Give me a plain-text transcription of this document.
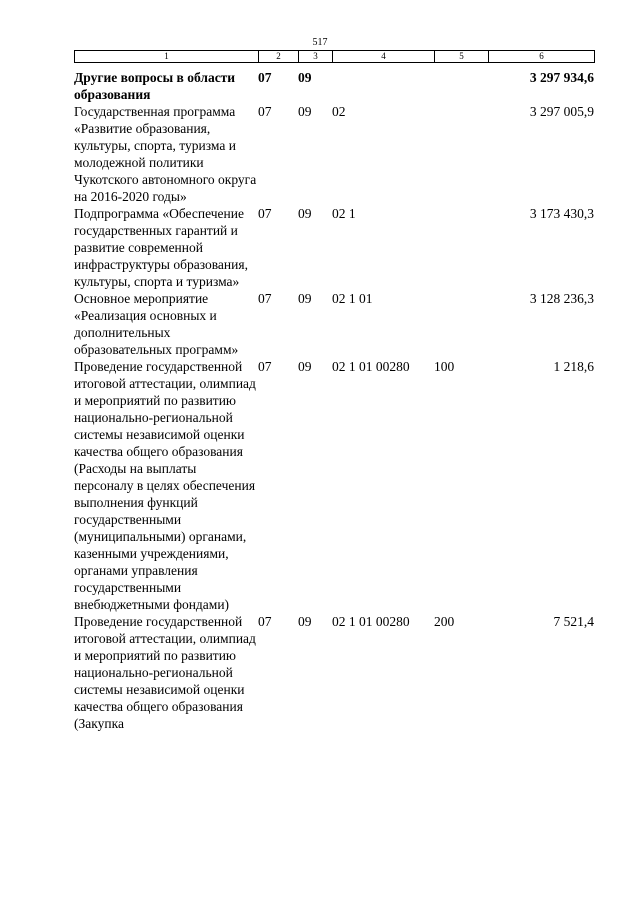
517
1	2	3	4	5	6
Другие вопросы в области образования	07	09			3 297 934,6
Государственная программа «Развитие образования, культуры, спорта, туризма и молодежной политики Чукотского автономного округа на 2016-2020 годы»	07	09	02		3 297 005,9
Подпрограмма «Обеспечение государственных гарантий и развитие современной инфраструктуры образования, культуры, спорта и туризма»	07	09	02 1		3 173 430,3
Основное мероприятие «Реализация основных и дополнительных образовательных программ»	07	09	02 1 01		3 128 236,3
Проведение государственной итоговой аттестации, олимпиад и мероприятий по развитию национально-региональной системы независимой оценки качества общего образования (Расходы на выплаты персоналу в целях обеспечения выполнения функций государственными (муниципальными) органами, казенными учреждениями, органами управления государственными внебюджетными фондами)	07	09	02 1 01 00280	100	1 218,6
Проведение государственной итоговой аттестации, олимпиад и мероприятий по развитию национально-региональной системы независимой оценки качества общего образования (Закупка	07	09	02 1 01 00280	200	7 521,4
